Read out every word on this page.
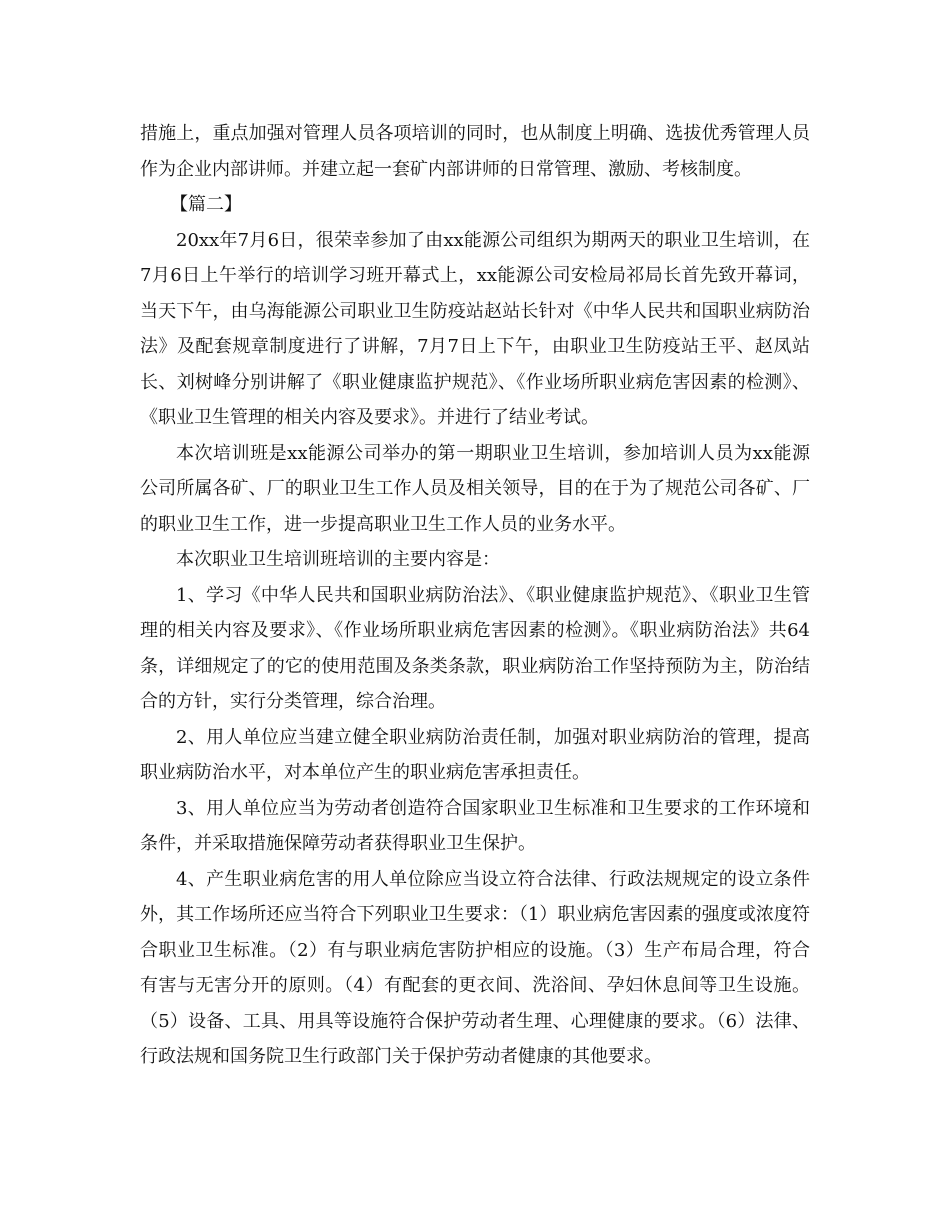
措施上，重点加强对管理人员各项培训的同时，也从制度上明确、选拔优秀管理人员作为企业内部讲师。并建立起一套矿内部讲师的日常管理、激励、考核制度。

【篇二】

20xx年7月6日，很荣幸参加了由xx能源公司组织为期两天的职业卫生培训，在7月6日上午举行的培训学习班开幕式上，xx能源公司安检局祁局长首先致开幕词，当天下午，由乌海能源公司职业卫生防疫站赵站长针对《中华人民共和国职业病防治法》及配套规章制度进行了讲解，7月7日上下午，由职业卫生防疫站王平、赵凤站长、刘树峰分别讲解了《职业健康监护规范》、《作业场所职业病危害因素的检测》、《职业卫生管理的相关内容及要求》。并进行了结业考试。

本次培训班是xx能源公司举办的第一期职业卫生培训，参加培训人员为xx能源公司所属各矿、厂的职业卫生工作人员及相关领导，目的在于为了规范公司各矿、厂的职业卫生工作，进一步提高职业卫生工作人员的业务水平。

本次职业卫生培训班培训的主要内容是：

1、学习《中华人民共和国职业病防治法》、《职业健康监护规范》、《职业卫生管理的相关内容及要求》、《作业场所职业病危害因素的检测》。《职业病防治法》共64条，详细规定了的它的使用范围及条类条款，职业病防治工作坚持预防为主，防治结合的方针，实行分类管理，综合治理。

2、用人单位应当建立健全职业病防治责任制，加强对职业病防治的管理，提高职业病防治水平，对本单位产生的职业病危害承担责任。

3、用人单位应当为劳动者创造符合国家职业卫生标准和卫生要求的工作环境和条件，并采取措施保障劳动者获得职业卫生保护。

4、产生职业病危害的用人单位除应当设立符合法律、行政法规规定的设立条件外，其工作场所还应当符合下列职业卫生要求：（1）职业病危害因素的强度或浓度符合职业卫生标准。（2）有与职业病危害防护相应的设施。（3）生产布局合理，符合有害与无害分开的原则。（4）有配套的更衣间、洗浴间、孕妇休息间等卫生设施。（5）设备、工具、用具等设施符合保护劳动者生理、心理健康的要求。（6）法律、行政法规和国务院卫生行政部门关于保护劳动者健康的其他要求。
